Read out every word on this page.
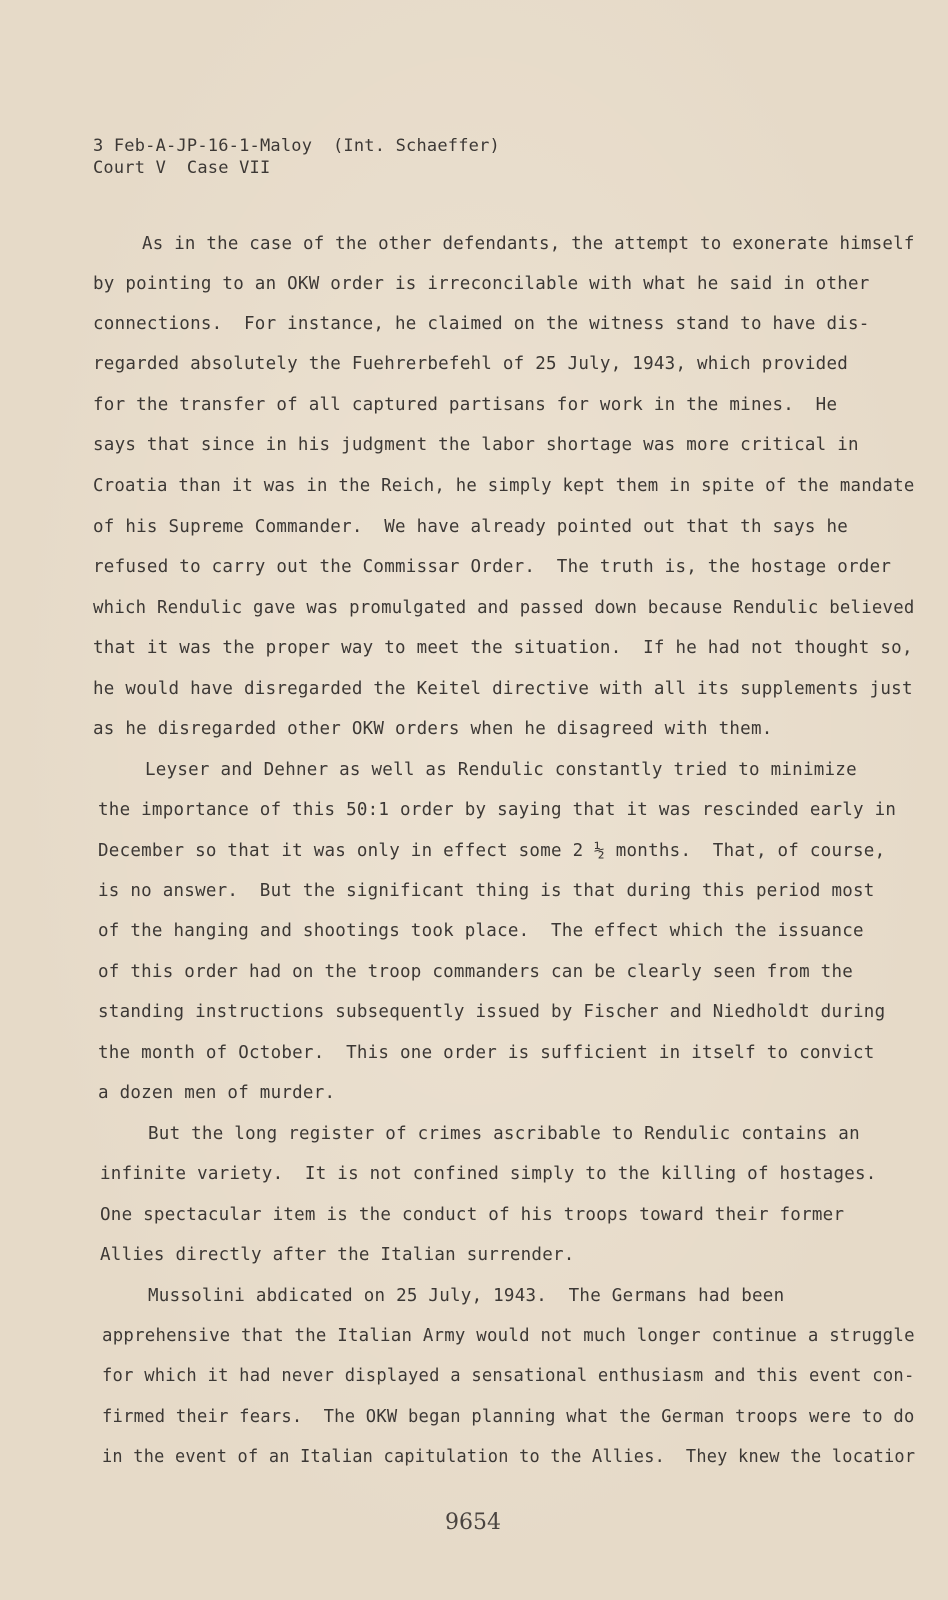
3 Feb-A-JP-16-1-Maloy  (Int. Schaeffer)
Court V  Case VII
As in the case of the other defendants, the attempt to exonerate himself
by pointing to an OKW order is irreconcilable with what he said in other
connections.  For instance, he claimed on the witness stand to have dis-
regarded absolutely the Fuehrerbefehl of 25 July, 1943, which provided
for the transfer of all captured partisans for work in the mines.  He
says that since in his judgment the labor shortage was more critical in
Croatia than it was in the Reich, he simply kept them in spite of the mandate
of his Supreme Commander.  We have already pointed out that th says he
refused to carry out the Commissar Order.  The truth is, the hostage order
which Rendulic gave was promulgated and passed down because Rendulic believed
that it was the proper way to meet the situation.  If he had not thought so,
he would have disregarded the Keitel directive with all its supplements just
as he disregarded other OKW orders when he disagreed with them.
Leyser and Dehner as well as Rendulic constantly tried to minimize
the importance of this 50:1 order by saying that it was rescinded early in
December so that it was only in effect some 2 ½ months.  That, of course,
is no answer.  But the significant thing is that during this period most
of the hanging and shootings took place.  The effect which the issuance
of this order had on the troop commanders can be clearly seen from the
standing instructions subsequently issued by Fischer and Niedholdt during
the month of October.  This one order is sufficient in itself to convict
a dozen men of murder.
But the long register of crimes ascribable to Rendulic contains an
infinite variety.  It is not confined simply to the killing of hostages.
One spectacular item is the conduct of his troops toward their former
Allies directly after the Italian surrender.
Mussolini abdicated on 25 July, 1943.  The Germans had been
apprehensive that the Italian Army would not much longer continue a struggle
for which it had never displayed a sensational enthusiasm and this event con-
firmed their fears.  The OKW began planning what the German troops were to do
in the event of an Italian capitulation to the Allies.  They knew the locatior
9654
